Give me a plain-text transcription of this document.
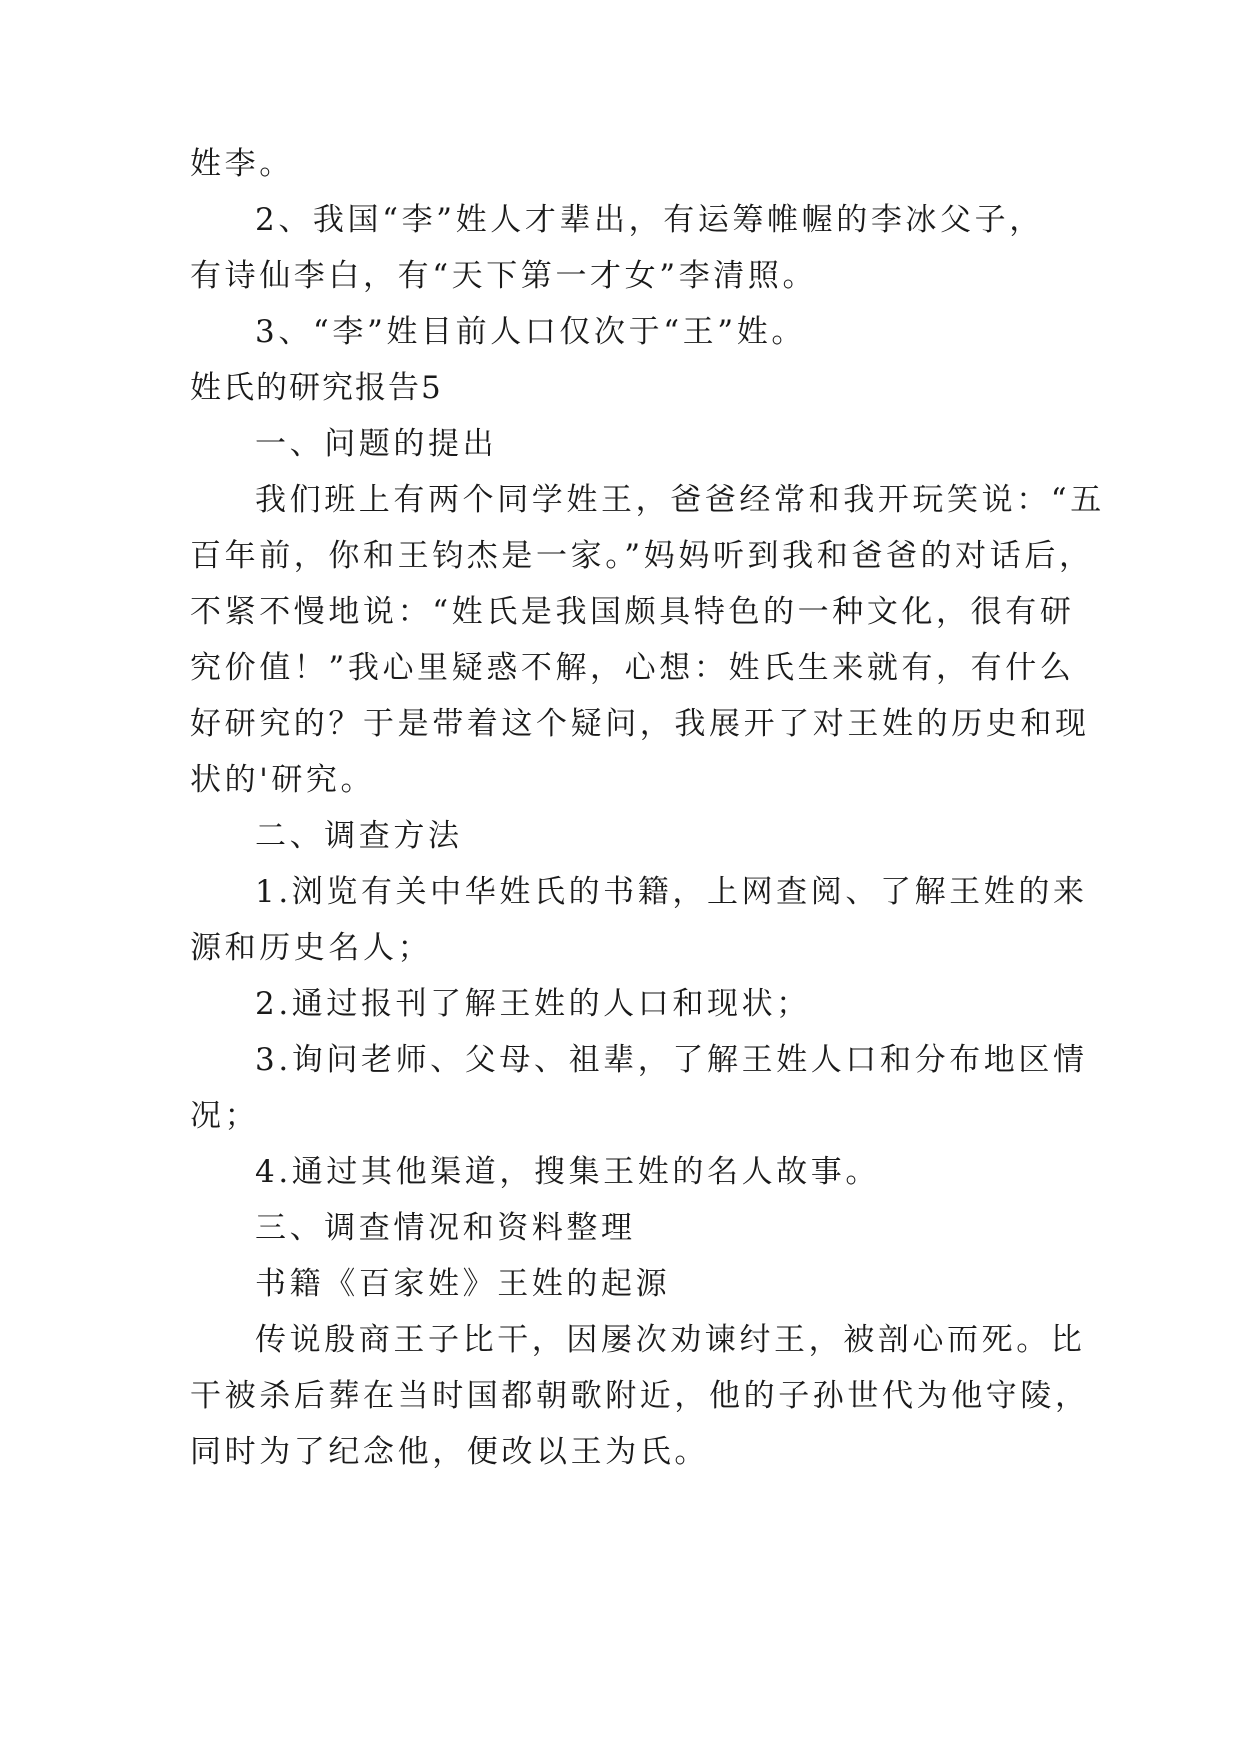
姓李。
2、我国“李”姓人才辈出，有运筹帷幄的李冰父子，
有诗仙李白，有“天下第一才女”李清照。
3、“李”姓目前人口仅次于“王”姓。
姓氏的研究报告5
一、问题的提出
我们班上有两个同学姓王，爸爸经常和我开玩笑说：“五
百年前，你和王钧杰是一家。”妈妈听到我和爸爸的对话后，
不紧不慢地说：“姓氏是我国颇具特色的一种文化，很有研
究价值！”我心里疑惑不解，心想：姓氏生来就有，有什么
好研究的？于是带着这个疑问，我展开了对王姓的历史和现
状的'研究。
二、调查方法
1.浏览有关中华姓氏的书籍，上网查阅、了解王姓的来
源和历史名人；
2.通过报刊了解王姓的人口和现状；
3.询问老师、父母、祖辈，了解王姓人口和分布地区情
况；
4.通过其他渠道，搜集王姓的名人故事。
三、调查情况和资料整理
书籍《百家姓》王姓的起源
传说殷商王子比干，因屡次劝谏纣王，被剖心而死。比
干被杀后葬在当时国都朝歌附近，他的子孙世代为他守陵，
同时为了纪念他，便改以王为氏。
